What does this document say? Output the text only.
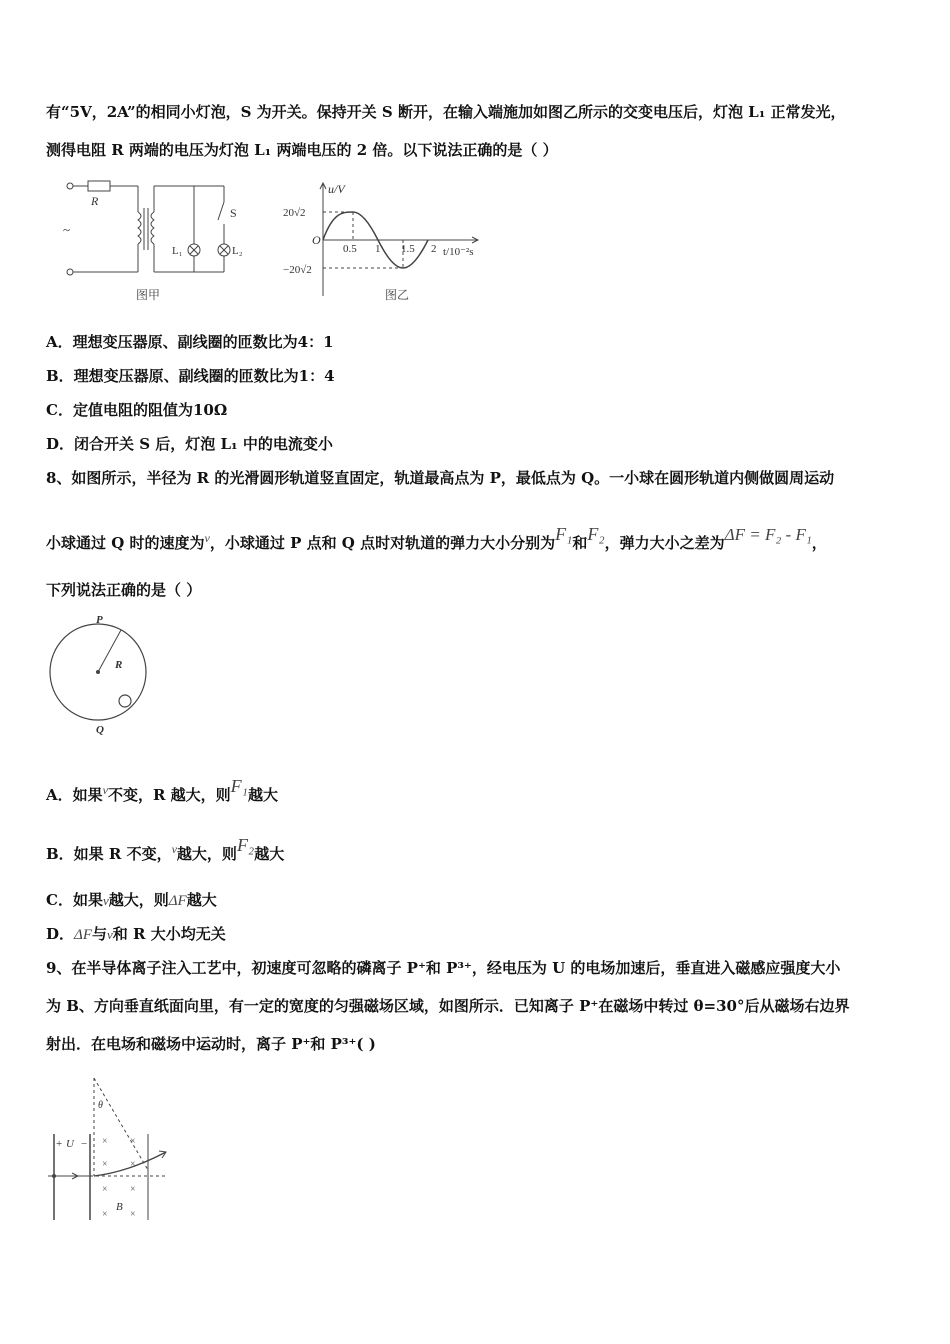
有“5V，2A”的相同小灯泡，S 为开关。保持开关 S 断开，在输入端施加如图乙所示的交变电压后，灯泡 L₁ 正常发光，
测得电阻 R 两端的电压为灯泡 L₁ 两端电压的 2 倍。以下说法正确的是（ ）
R
~
S
L₁	L₂
图甲
u/V
20√2
−20√2
O
0.5 1 1.5 2 t/10⁻²s
图乙
A．理想变压器原、副线圈的匝数比为4：1
B．理想变压器原、副线圈的匝数比为1：4
C．定值电阻的阻值为10Ω
D．闭合开关 S 后，灯泡 L₁ 中的电流变小
8、如图所示，半径为 R 的光滑圆形轨道竖直固定，轨道最高点为 P，最低点为 Q。一小球在圆形轨道内侧做圆周运动
小球通过 Q 时的速度为$^v$，小球通过 P 点和 Q 点时对轨道的弹力大小分别为F₁和F₂，弹力大小之差为ΔF = F₂ - F₁，
下列说法正确的是（ ）
P
R
Q
A．如果$^v$不变，R 越大，则F₁越大
B．如果 R 不变，$^v$越大，则F₂越大
C．如果v越大，则ΔF越大
D．ΔF与v和 R 大小均无关
9、在半导体离子注入工艺中，初速度可忽略的磷离子 P⁺和 P³⁺，经电压为 U 的电场加速后，垂直进入磁感应强度大小
为 B、方向垂直纸面向里，有一定的宽度的匀强磁场区域，如图所示．已知离子 P⁺在磁场中转过 θ=30°后从磁场右边界
射出．在电场和磁场中运动时，离子 P⁺和 P³⁺( )
+ U −
θ
B
× ×
× ×
× ×
× ×
